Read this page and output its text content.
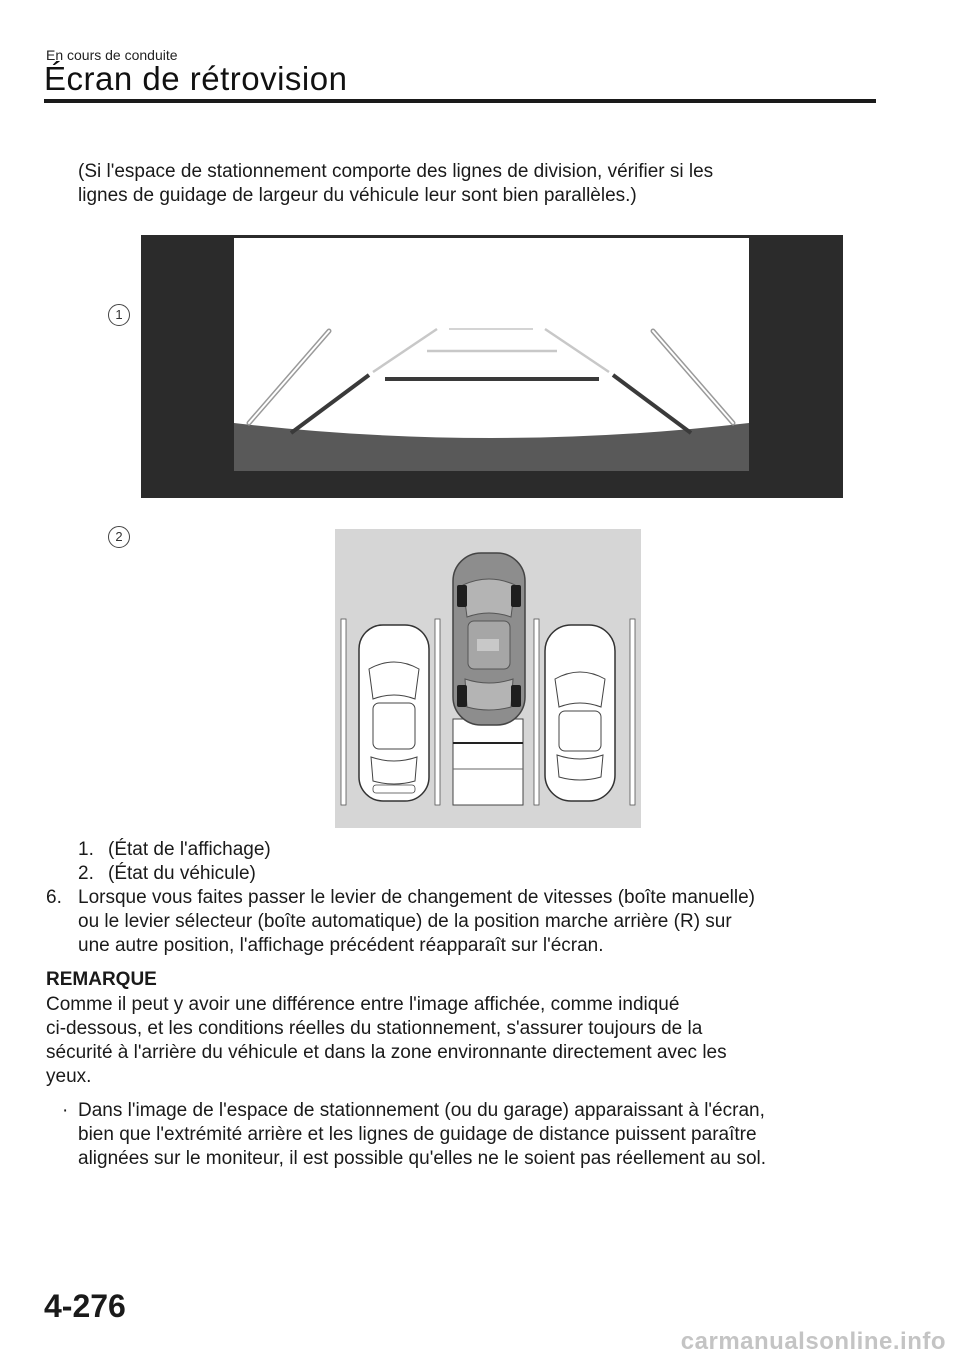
En cours de conduite
Écran de rétrovision
(Si l'espace de stationnement comporte des lignes de division, vérifier si les
lignes de guidage de largeur du véhicule leur sont bien parallèles.)
1
2
1. (État de l'affichage)
2. (État du véhicule)
6. Lorsque vous faites passer le levier de changement de vitesses (boîte manuelle)
ou le levier sélecteur (boîte automatique) de la position marche arrière (R) sur
une autre position, l'affichage précédent réapparaît sur l'écran.
REMARQUE
Comme il peut y avoir une différence entre l'image affichée, comme indiqué
ci-dessous, et les conditions réelles du stationnement, s'assurer toujours de la
sécurité à l'arrière du véhicule et dans la zone environnante directement avec les
yeux.
· Dans l'image de l'espace de stationnement (ou du garage) apparaissant à l'écran,
bien que l'extrémité arrière et les lignes de guidage de distance puissent paraître
alignées sur le moniteur, il est possible qu'elles ne le soient pas réellement au sol.
4-276
carmanualsonline.info
